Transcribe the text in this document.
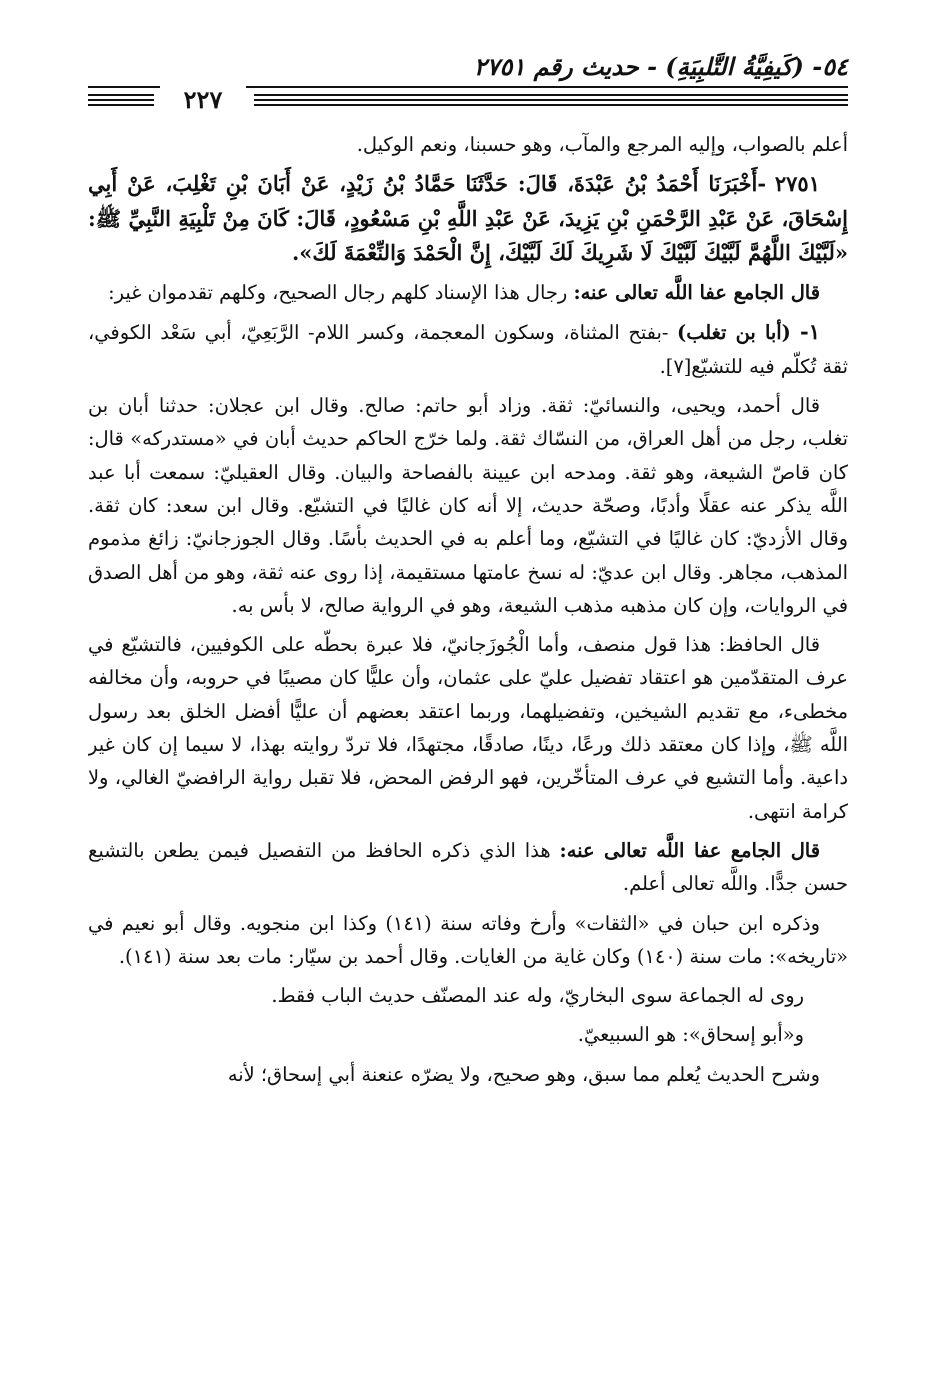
٥٤- (كَيفِيَّةُ التَّلبِيَةِ) - حديث رقم ٢٧٥١
٢٢٧

أعلم بالصواب، وإليه المرجع والمآب، وهو حسبنا، ونعم الوكيل.

٢٧٥١ -أَخْبَرَنَا أَحْمَدُ بْنُ عَبْدَةَ، قَالَ: حَدَّثَنَا حَمَّادُ بْنُ زَيْدٍ، عَنْ أَبَانَ بْنِ تَغْلِبَ، عَنْ أَبِي إِسْحَاقَ، عَنْ عَبْدِ الرَّحْمَنِ بْنِ يَزِيدَ، عَنْ عَبْدِ اللَّهِ بْنِ مَسْعُودٍ، قَالَ: كَانَ مِنْ تَلْبِيَةِ النَّبِيِّ ﷺ: «لَبَّيْكَ اللَّهُمَّ لَبَّيْكَ لَبَّيْكَ لَا شَرِيكَ لَكَ لَبَّيْكَ، إِنَّ الْحَمْدَ وَالنِّعْمَةَ لَكَ».

قال الجامع عفا اللَّه تعالى عنه: رجال هذا الإسناد كلهم رجال الصحيح، وكلهم تقدموان غير:

١- (أبا بن تغلب) -بفتح المثناة، وسكون المعجمة، وكسر اللام- الرَّبَعِيّ، أبي سَعْد الكوفي، ثقة تُكلّم فيه للتشيّع[٧].

قال أحمد، ويحيى، والنسائيّ: ثقة. وزاد أبو حاتم: صالح. وقال ابن عجلان: حدثنا أبان بن تغلب، رجل من أهل العراق، من النسّاك ثقة. ولما خرّج الحاكم حديث أبان في «مستدركه» قال: كان قاصّ الشيعة، وهو ثقة. ومدحه ابن عيينة بالفصاحة والبيان. وقال العقيليّ: سمعت أبا عبد اللَّه يذكر عنه عقلًا وأدبًا، وصحّة حديث، إلا أنه كان غاليًا في التشيّع. وقال ابن سعد: كان ثقة. وقال الأزديّ: كان غاليًا في التشيّع، وما أعلم به في الحديث بأسًا. وقال الجوزجانيّ: زائغ مذموم المذهب، مجاهر. وقال ابن عديّ: له نسخ عامتها مستقيمة، إذا روى عنه ثقة، وهو من أهل الصدق في الروايات، وإن كان مذهبه مذهب الشيعة، وهو في الرواية صالح، لا بأس به.

قال الحافظ: هذا قول منصف، وأما الْجُوزَجانيّ، فلا عبرة بحطّه على الكوفيين، فالتشيّع في عرف المتقدّمين هو اعتقاد تفضيل عليّ على عثمان، وأن عليًّا كان مصيبًا في حروبه، وأن مخالفه مخطىء، مع تقديم الشيخين، وتفضيلهما، وربما اعتقد بعضهم أن عليًّا أفضل الخلق بعد رسول اللَّه ﷺ، وإذا كان معتقد ذلك ورعًا، دينًا، صادقًا، مجتهدًا، فلا تردّ روايته بهذا، لا سيما إن كان غير داعية. وأما التشيع في عرف المتأخّرين، فهو الرفض المحض، فلا تقبل رواية الرافضيّ الغالي، ولا كرامة انتهى.

قال الجامع عفا اللَّه تعالى عنه: هذا الذي ذكره الحافظ من التفصيل فيمن يطعن بالتشيع حسن جدًّا. واللَّه تعالى أعلم.

وذكره ابن حبان في «الثقات» وأرخ وفاته سنة (١٤١) وكذا ابن منجويه. وقال أبو نعيم في «تاريخه»: مات سنة (١٤٠) وكان غاية من الغايات. وقال أحمد بن سيّار: مات بعد سنة (١٤١).

روى له الجماعة سوى البخاريّ، وله عند المصنّف حديث الباب فقط.

و«أبو إسحاق»: هو السبيعيّ.

وشرح الحديث يُعلم مما سبق، وهو صحيح، ولا يضرّه عنعنة أبي إسحاق؛ لأنه
